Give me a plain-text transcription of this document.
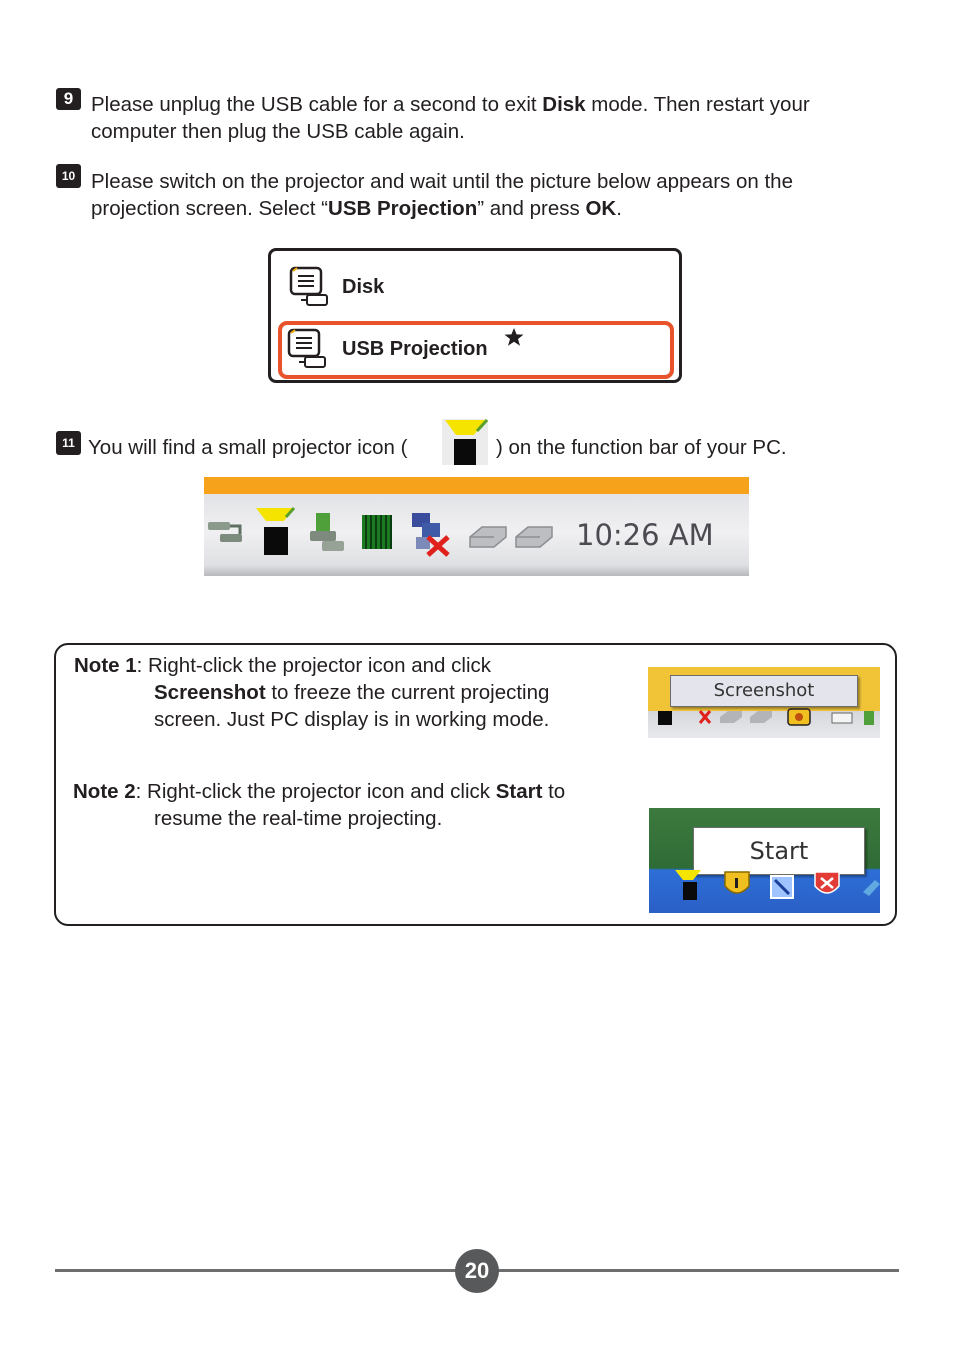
9 Please unplug the USB cable for a second to exit Disk mode. Then restart your
computer then plug the USB cable again.
10 Please switch on the projector and wait until the picture below appears on the
projection screen. Select “USB Projection” and press OK.
Disk
USB Projection
11 You will find a small projector icon (	) on the function bar of your PC.
10:26 AM
Note 1: Right-click the projector icon and click
Screenshot to freeze the current projecting
screen. Just PC display is in working mode.
Note 2: Right-click the projector icon and click Start to
resume the real-time projecting.
Screenshot
Start
20
